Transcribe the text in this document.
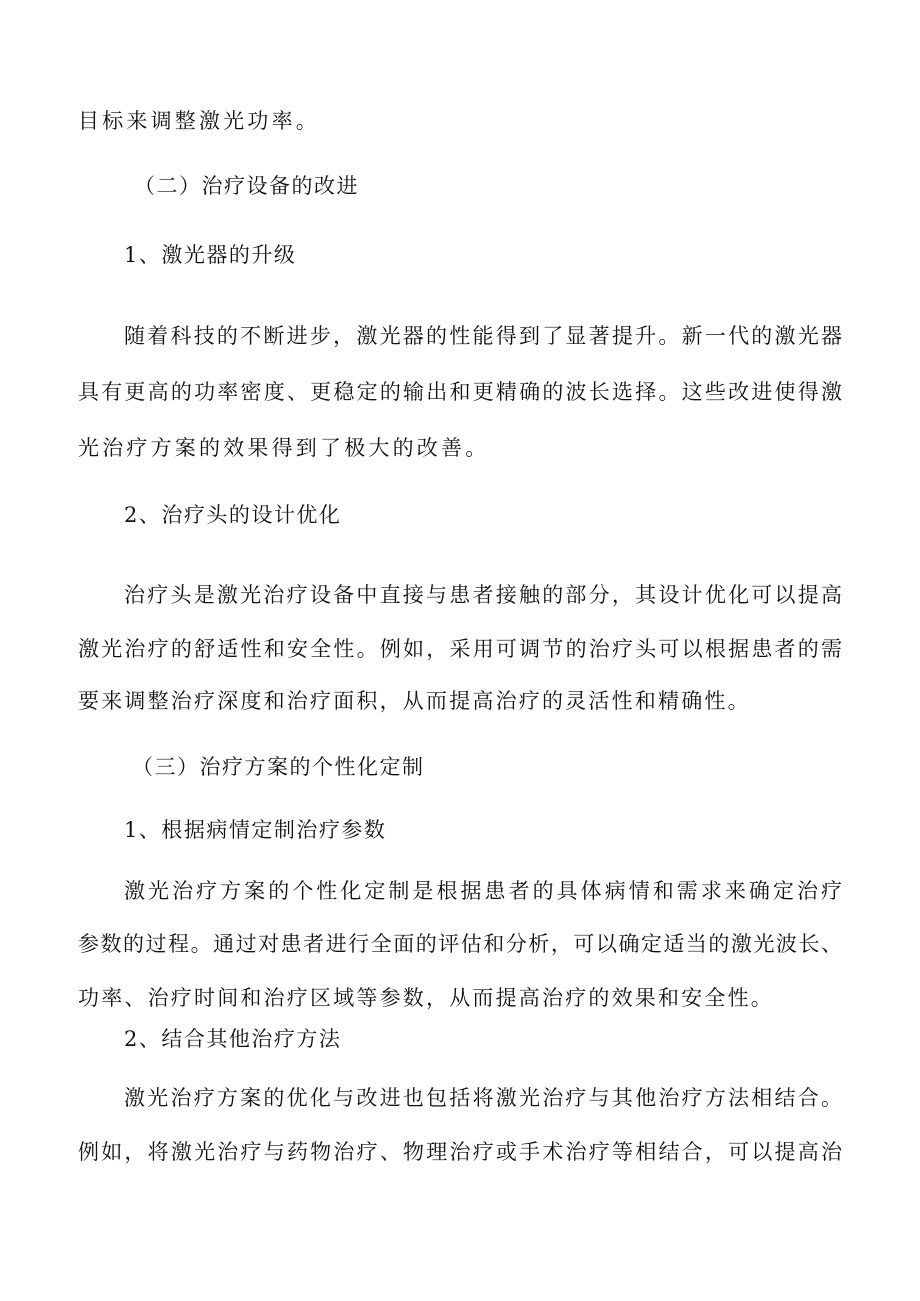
目标来调整激光功率。
（二）治疗设备的改进
1、激光器的升级
随着科技的不断进步，激光器的性能得到了显著提升。新一代的激光器
具有更高的功率密度、更稳定的输出和更精确的波长选择。这些改进使得激
光治疗方案的效果得到了极大的改善。
2、治疗头的设计优化
治疗头是激光治疗设备中直接与患者接触的部分，其设计优化可以提高
激光治疗的舒适性和安全性。例如，采用可调节的治疗头可以根据患者的需
要来调整治疗深度和治疗面积，从而提高治疗的灵活性和精确性。
（三）治疗方案的个性化定制
1、根据病情定制治疗参数
激光治疗方案的个性化定制是根据患者的具体病情和需求来确定治疗
参数的过程。通过对患者进行全面的评估和分析，可以确定适当的激光波长、
功率、治疗时间和治疗区域等参数，从而提高治疗的效果和安全性。
2、结合其他治疗方法
激光治疗方案的优化与改进也包括将激光治疗与其他治疗方法相结合。
例如，将激光治疗与药物治疗、物理治疗或手术治疗等相结合，可以提高治
